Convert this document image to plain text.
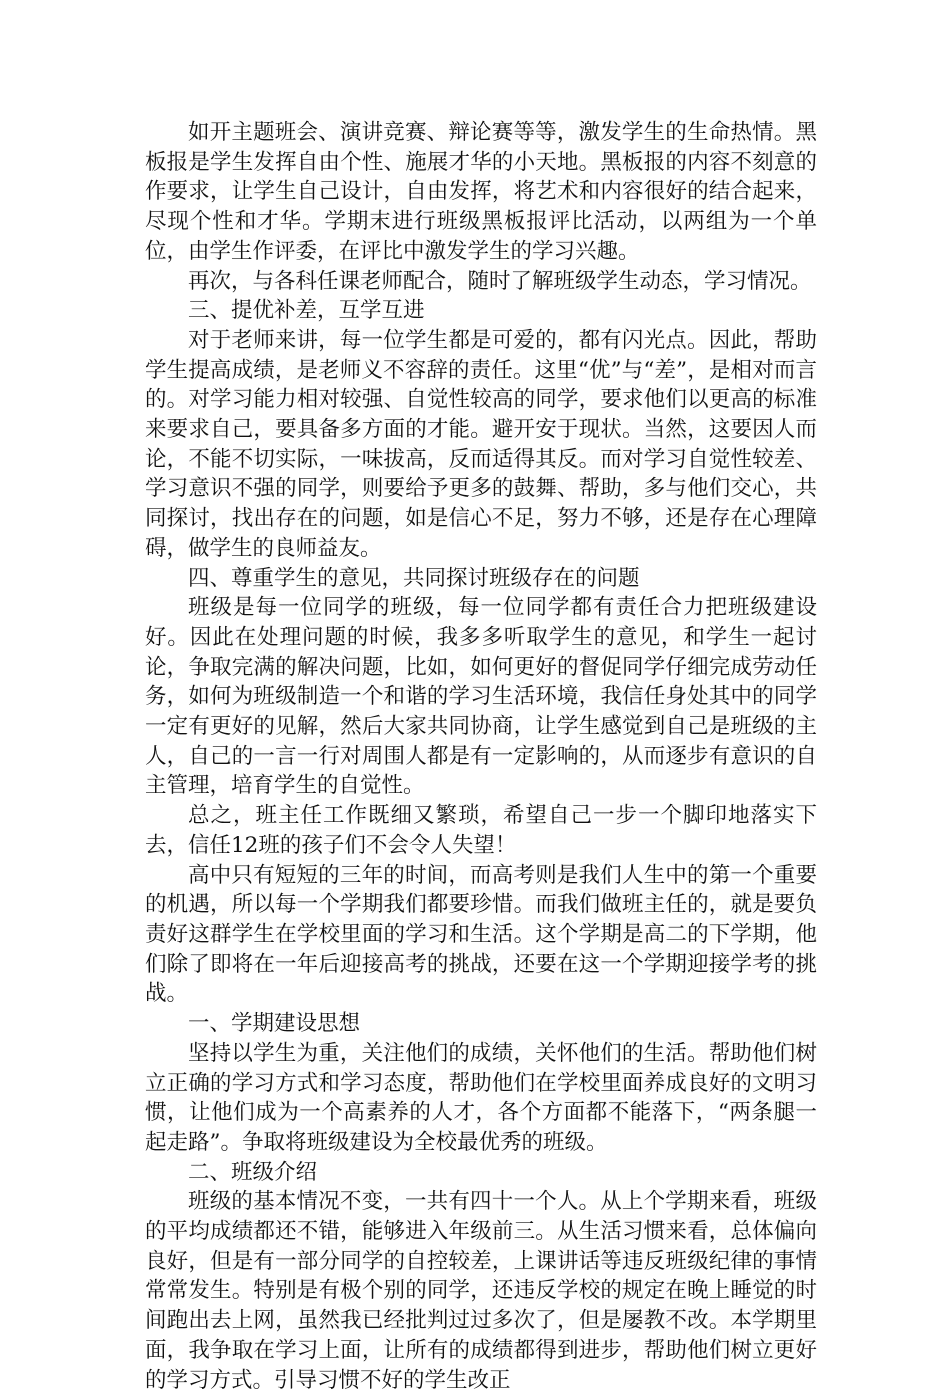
如开主题班会、演讲竞赛、辩论赛等等，激发学生的生命热情。黑板报是学生发挥自由个性、施展才华的小天地。黑板报的内容不刻意的作要求，让学生自己设计，自由发挥，将艺术和内容很好的结合起来，尽现个性和才华。学期末进行班级黑板报评比活动，以两组为一个单位，由学生作评委，在评比中激发学生的学习兴趣。

再次，与各科任课老师配合，随时了解班级学生动态，学习情况。

三、提优补差，互学互进

对于老师来讲，每一位学生都是可爱的，都有闪光点。因此，帮助学生提高成绩，是老师义不容辞的责任。这里“优”与“差”，是相对而言的。对学习能力相对较强、自觉性较高的同学，要求他们以更高的标准来要求自己，要具备多方面的才能。避开安于现状。当然，这要因人而论，不能不切实际，一味拔高，反而适得其反。而对学习自觉性较差、学习意识不强的同学，则要给予更多的鼓舞、帮助，多与他们交心，共同探讨，找出存在的问题，如是信心不足，努力不够，还是存在心理障碍，做学生的良师益友。

四、尊重学生的意见，共同探讨班级存在的问题

班级是每一位同学的班级，每一位同学都有责任合力把班级建设好。因此在处理问题的时候，我多多听取学生的意见，和学生一起讨论，争取完满的解决问题，比如，如何更好的督促同学仔细完成劳动任务，如何为班级制造一个和谐的学习生活环境，我信任身处其中的同学一定有更好的见解，然后大家共同协商，让学生感觉到自己是班级的主人，自己的一言一行对周围人都是有一定影响的，从而逐步有意识的自主管理，培育学生的自觉性。

总之，班主任工作既细又繁琐，希望自己一步一个脚印地落实下去，信任12班的孩子们不会令人失望！

高中只有短短的三年的时间，而高考则是我们人生中的第一个重要的机遇，所以每一个学期我们都要珍惜。而我们做班主任的，就是要负责好这群学生在学校里面的学习和生活。这个学期是高二的下学期，他们除了即将在一年后迎接高考的挑战，还要在这一个学期迎接学考的挑战。

一、学期建设思想

坚持以学生为重，关注他们的成绩，关怀他们的生活。帮助他们树立正确的学习方式和学习态度，帮助他们在学校里面养成良好的文明习惯，让他们成为一个高素养的人才，各个方面都不能落下，“两条腿一起走路”。争取将班级建设为全校最优秀的班级。

二、班级介绍

班级的基本情况不变，一共有四十一个人。从上个学期来看，班级的平均成绩都还不错，能够进入年级前三。从生活习惯来看，总体偏向良好，但是有一部分同学的自控较差，上课讲话等违反班级纪律的事情常常发生。特别是有极个别的同学，还违反学校的规定在晚上睡觉的时间跑出去上网，虽然我已经批判过过多次了，但是屡教不改。本学期里面，我争取在学习上面，让所有的成绩都得到进步，帮助他们树立更好的学习方式。引导习惯不好的学生改正
